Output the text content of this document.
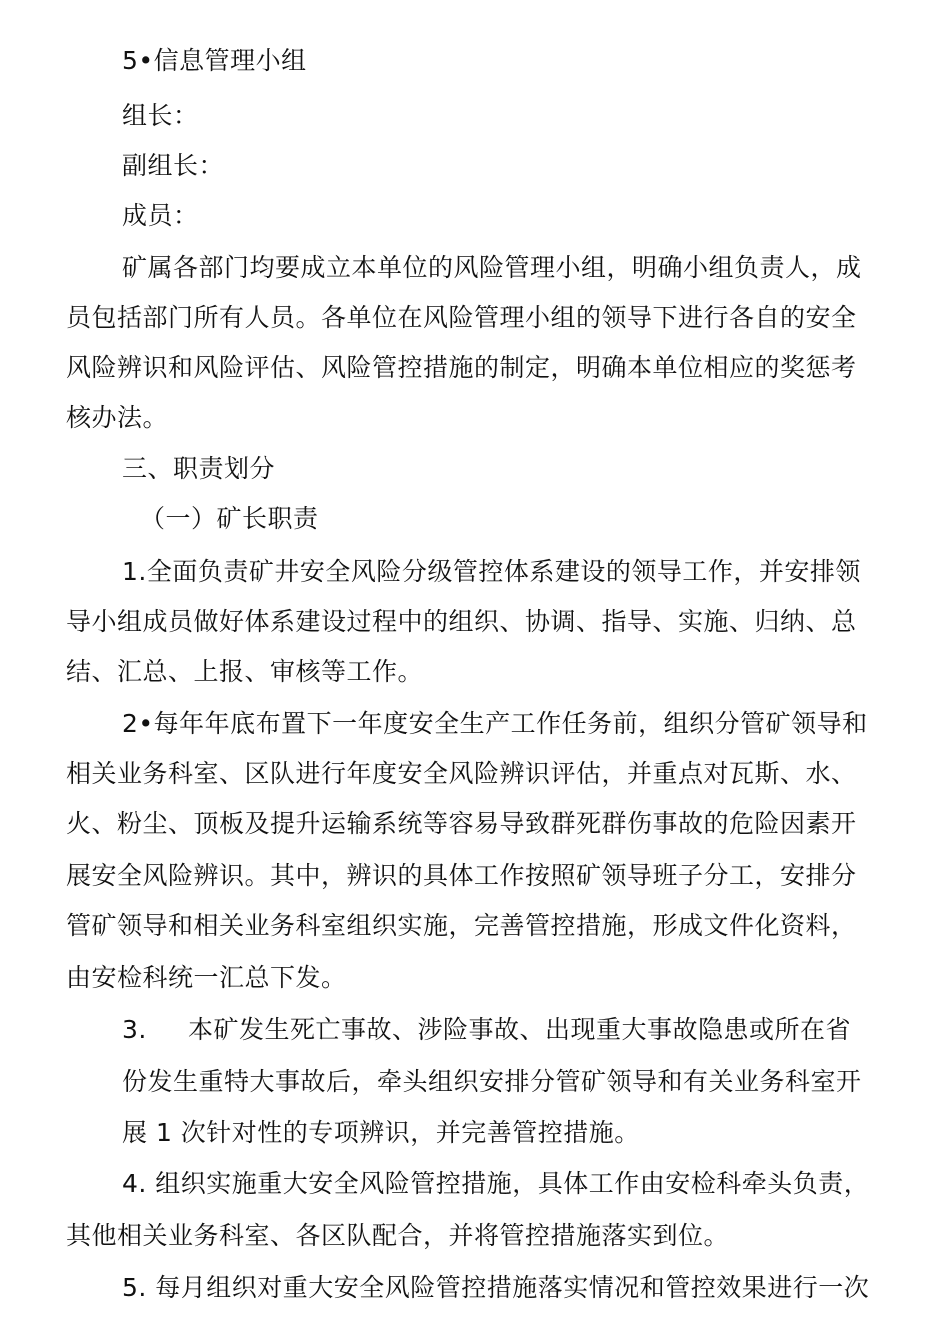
5•信息管理小组
组长：
副组长：
成员：
矿属各部门均要成立本单位的风险管理小组，明确小组负责人，成
员包括部门所有人员。各单位在风险管理小组的领导下进行各自的安全
风险辨识和风险评估、风险管控措施的制定，明确本单位相应的奖惩考
核办法。
三、职责划分
（一）矿长职责
1.全面负责矿井安全风险分级管控体系建设的领导工作，并安排领
导小组成员做好体系建设过程中的组织、协调、指导、实施、归纳、总
结、汇总、上报、审核等工作。
2•每年年底布置下一年度安全生产工作任务前，组织分管矿领导和
相关业务科室、区队进行年度安全风险辨识评估，并重点对瓦斯、水、
火、粉尘、顶板及提升运输系统等容易导致群死群伤事故的危险因素开
展安全风险辨识。其中，辨识的具体工作按照矿领导班子分工，安排分
管矿领导和相关业务科室组织实施，完善管控措施，形成文件化资料，
由安检科统一汇总下发。
3. 本矿发生死亡事故、涉险事故、出现重大事故隐患或所在省
份发生重特大事故后，牵头组织安排分管矿领导和有关业务科室开
展 1 次针对性的专项辨识，并完善管控措施。
4. 组织实施重大安全风险管控措施，具体工作由安检科牵头负责，
其他相关业务科室、各区队配合，并将管控措施落实到位。
5. 每月组织对重大安全风险管控措施落实情况和管控效果进行一次
